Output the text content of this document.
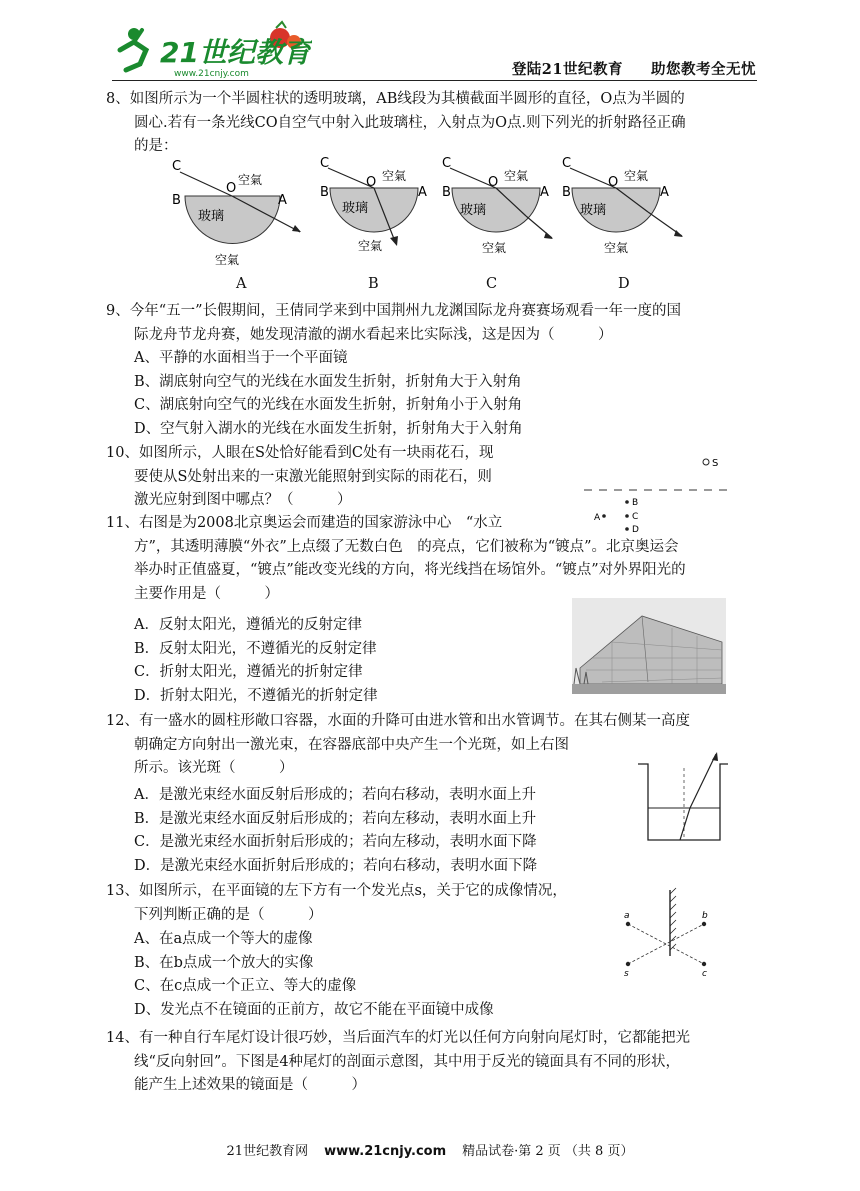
21世纪教育
www.21cnjy.com	登陆21世纪教育 助您教考全无忧
8、如图所示为一个半圆柱状的透明玻璃，AB线段为其横截面半圆形的直径，O点为半圆的
圆心.若有一条光线CO自空气中射入此玻璃柱，入射点为O点.则下列光的折射路径正确
的是：
C
B
O
A
空氣
玻璃
空氣
C
B
O
A
空氣
玻璃
空氣
C
B
O
A
空氣
玻璃
空氣
C
B
O
A
空氣
玻璃
空氣
A	B	C	D
9、今年“五一”长假期间，王倩同学来到中国荆州九龙渊国际龙舟赛赛场观看一年一度的国
际龙舟节龙舟赛，她发现清澈的湖水看起来比实际浅，这是因为（　　　）
A、平静的水面相当于一个平面镜
B、湖底射向空气的光线在水面发生折射，折射角大于入射角
C、湖底射向空气的光线在水面发生折射，折射角小于入射角
D、空气射入湖水的光线在水面发生折射，折射角大于入射角
10、如图所示，人眼在S处恰好能看到C处有一块雨花石，现
要使从S处射出来的一束激光能照射到实际的雨花石，则
激光应射到图中哪点？（　　　）
S
B
A	C
D
11、右图是为2008北京奥运会而建造的国家游泳中心　“水立
方”，其透明薄膜“外衣”上点缀了无数白色　的亮点，它们被称为“镀点”。北京奥运会
举办时正值盛夏，“镀点”能改变光线的方向，将光线挡在场馆外。“镀点”对外界阳光的
主要作用是（　　　）
A．反射太阳光，遵循光的反射定律
B．反射太阳光，不遵循光的反射定律
C．折射太阳光，遵循光的折射定律
D．折射太阳光，不遵循光的折射定律
12、有一盛水的圆柱形敞口容器，水面的升降可由进水管和出水管调节。在其右侧某一高度
朝确定方向射出一激光束，在容器底部中央产生一个光斑，如上右图
所示。该光斑（　　　）
A．是激光束经水面反射后形成的；若向右移动，表明水面上升
B．是激光束经水面反射后形成的；若向左移动，表明水面上升
C．是激光束经水面折射后形成的；若向左移动，表明水面下降
D．是激光束经水面折射后形成的；若向右移动，表明水面下降
13、如图所示，在平面镜的左下方有一个发光点s，关于它的成像情况，
下列判断正确的是（　　　）
A、在a点成一个等大的虚像
B、在b点成一个放大的实像
C、在c点成一个正立、等大的虚像
D、发光点不在镜面的正前方，故它不能在平面镜中成像
a	b
s	c
14、有一种自行车尾灯设计很巧妙，当后面汽车的灯光以任何方向射向尾灯时，它都能把光
线“反向射回”。下图是4种尾灯的剖面示意图，其中用于反光的镜面具有不同的形状，
能产生上述效果的镜面是（　　　）
21世纪教育网 www.21cnjy.com 精品试卷·第 2 页 （共 8 页）
